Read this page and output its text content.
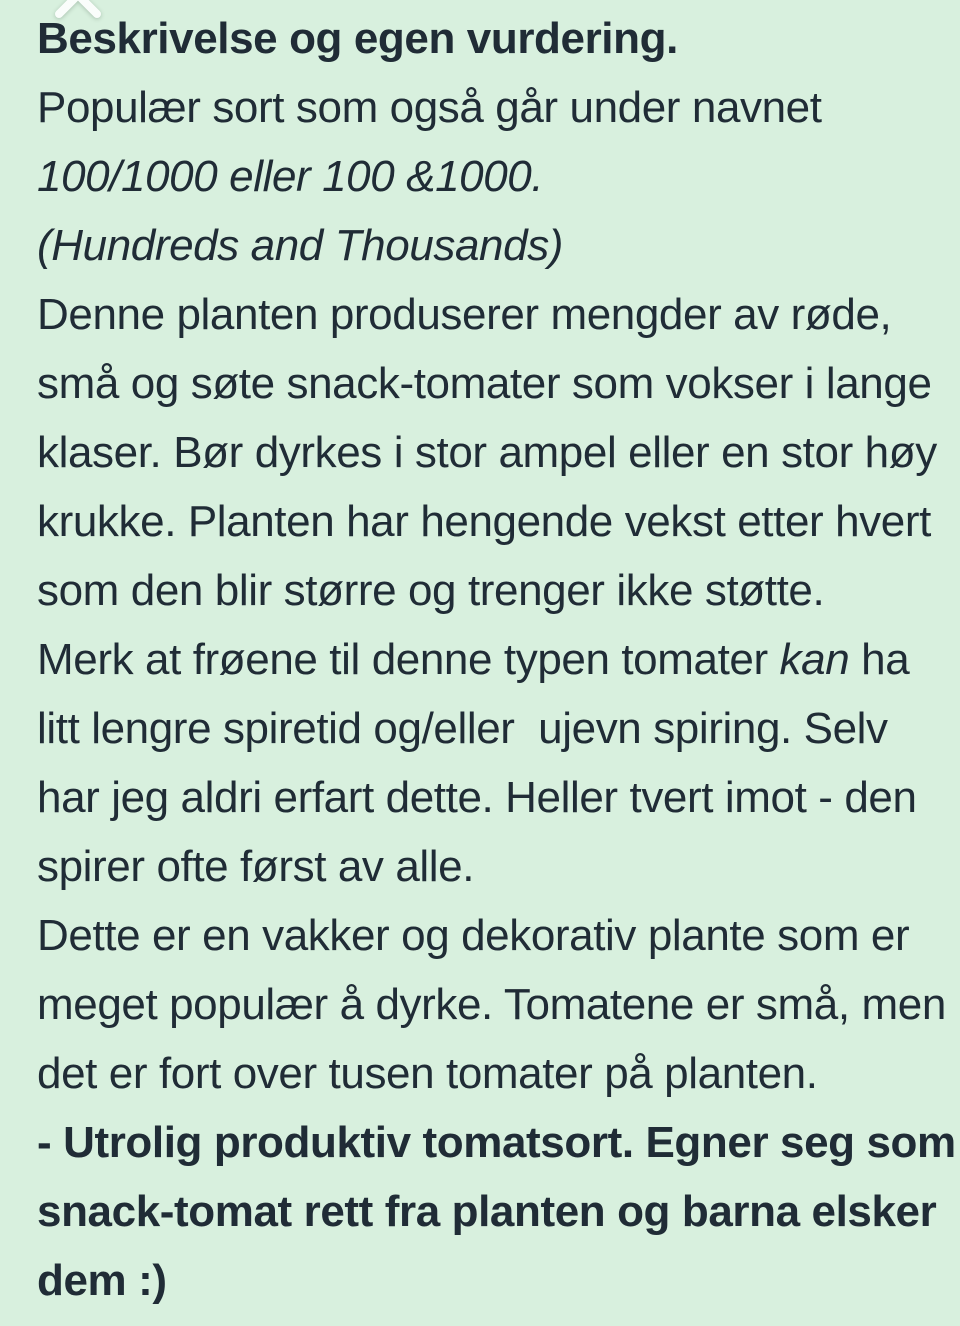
Beskrivelse og egen vurdering.
Populær sort som også går under navnet
100/1000 eller 100 &1000.
(Hundreds and Thousands)
Denne planten produserer mengder av røde,
små og søte snack-tomater som vokser i lange
klaser. Bør dyrkes i stor ampel eller en stor høy
krukke. Planten har hengende vekst etter hvert
som den blir større og trenger ikke støtte.
Merk at frøene til denne typen tomater kan ha
litt lengre spiretid og/eller  ujevn spiring. Selv
har jeg aldri erfart dette. Heller tvert imot - den
spirer ofte først av alle.
Dette er en vakker og dekorativ plante som er
meget populær å dyrke. Tomatene er små, men
det er fort over tusen tomater på planten.
- Utrolig produktiv tomatsort. Egner seg som
snack-tomat rett fra planten og barna elsker
dem :)
